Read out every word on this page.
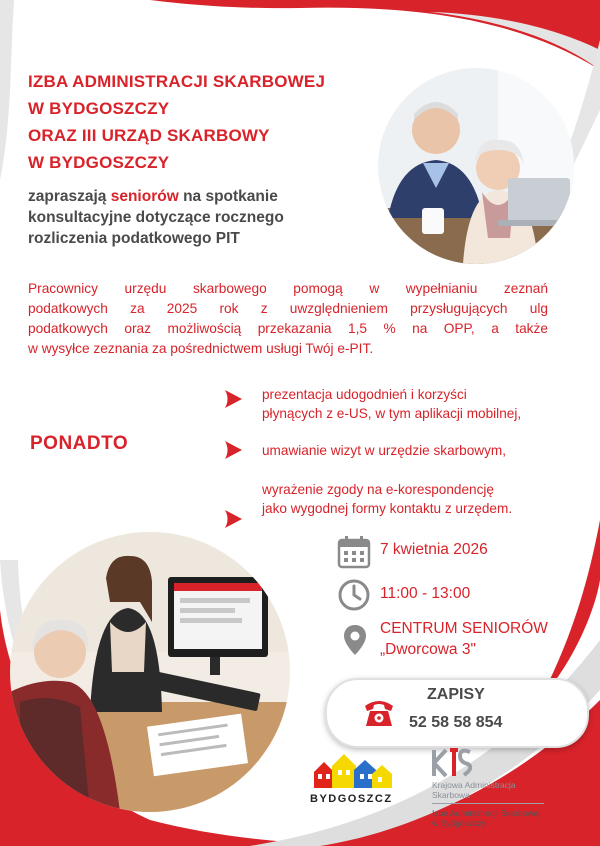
IZBA ADMINISTRACJI SKARBOWEJ
W BYDGOSZCZY
ORAZ III URZĄD SKARBOWY
W BYDGOSZCZY
zapraszają seniorów na spotkanie
konsultacyjne dotyczące rocznego
rozliczenia podatkowego PIT

Pracownicy urzędu skarbowego pomogą w wypełnianiu zeznań

podatkowych za 2025 rok z uwzględnieniem przysługujących ulg

podatkowych oraz możliwością przekazania 1,5 % na OPP, a także

w wysyłce zeznania za pośrednictwem usługi Twój e-PIT.

PONADTO
prezentacja udogodnień i korzyści
płynących z e-US, w tym aplikacji mobilnej,
umawianie wizyt w urzędzie skarbowym,
wyrażenie zgody na e-korespondencję
jako wygodnej formy kontaktu z urzędem.
7 kwietnia 2026
11:00 - 13:00
CENTRUM SENIORÓW
„Dworcowa 3"
ZAPISY
52 58 58 854
BYDGOSZCZ
Krajowa Administracja
Skarbowa
Izba Administracji Skarbowej
w Bydgoszczy
